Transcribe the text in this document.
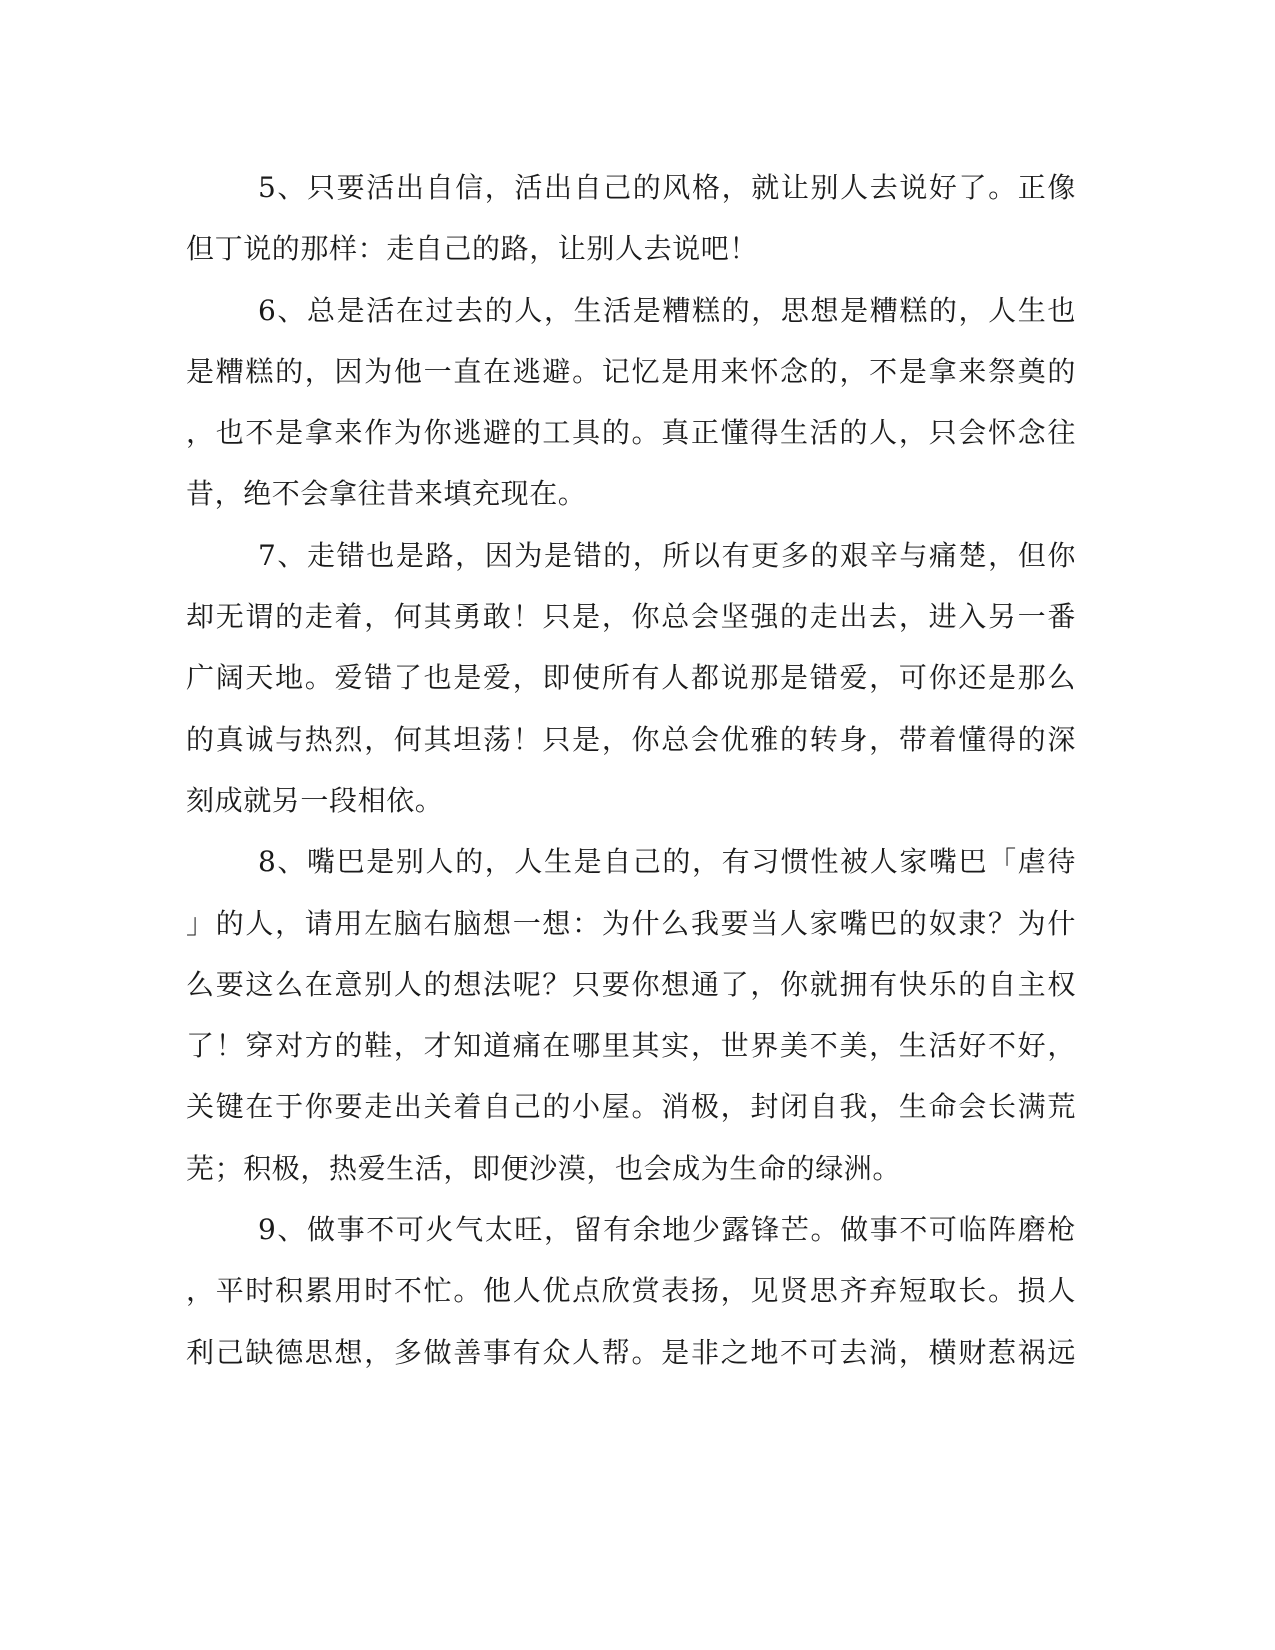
5、只要活出自信，活出自己的风格，就让别人去说好了。正像
但丁说的那样：走自己的路，让别人去说吧！
6、总是活在过去的人，生活是糟糕的，思想是糟糕的，人生也
是糟糕的，因为他一直在逃避。记忆是用来怀念的，不是拿来祭奠的
，也不是拿来作为你逃避的工具的。真正懂得生活的人，只会怀念往
昔，绝不会拿往昔来填充现在。
7、走错也是路，因为是错的，所以有更多的艰辛与痛楚，但你
却无谓的走着，何其勇敢！只是，你总会坚强的走出去，进入另一番
广阔天地。爱错了也是爱，即使所有人都说那是错爱，可你还是那么
的真诚与热烈，何其坦荡！只是，你总会优雅的转身，带着懂得的深
刻成就另一段相依。
8、嘴巴是别人的，人生是自己的，有习惯性被人家嘴巴「虐待
」的人，请用左脑右脑想一想：为什么我要当人家嘴巴的奴隶？为什
么要这么在意别人的想法呢？只要你想通了，你就拥有快乐的自主权
了！穿对方的鞋，才知道痛在哪里其实，世界美不美，生活好不好，
关键在于你要走出关着自己的小屋。消极，封闭自我，生命会长满荒
芜；积极，热爱生活，即便沙漠，也会成为生命的绿洲。
9、做事不可火气太旺，留有余地少露锋芒。做事不可临阵磨枪
，平时积累用时不忙。他人优点欣赏表扬，见贤思齐弃短取长。损人
利己缺德思想，多做善事有众人帮。是非之地不可去淌，横财惹祸远
